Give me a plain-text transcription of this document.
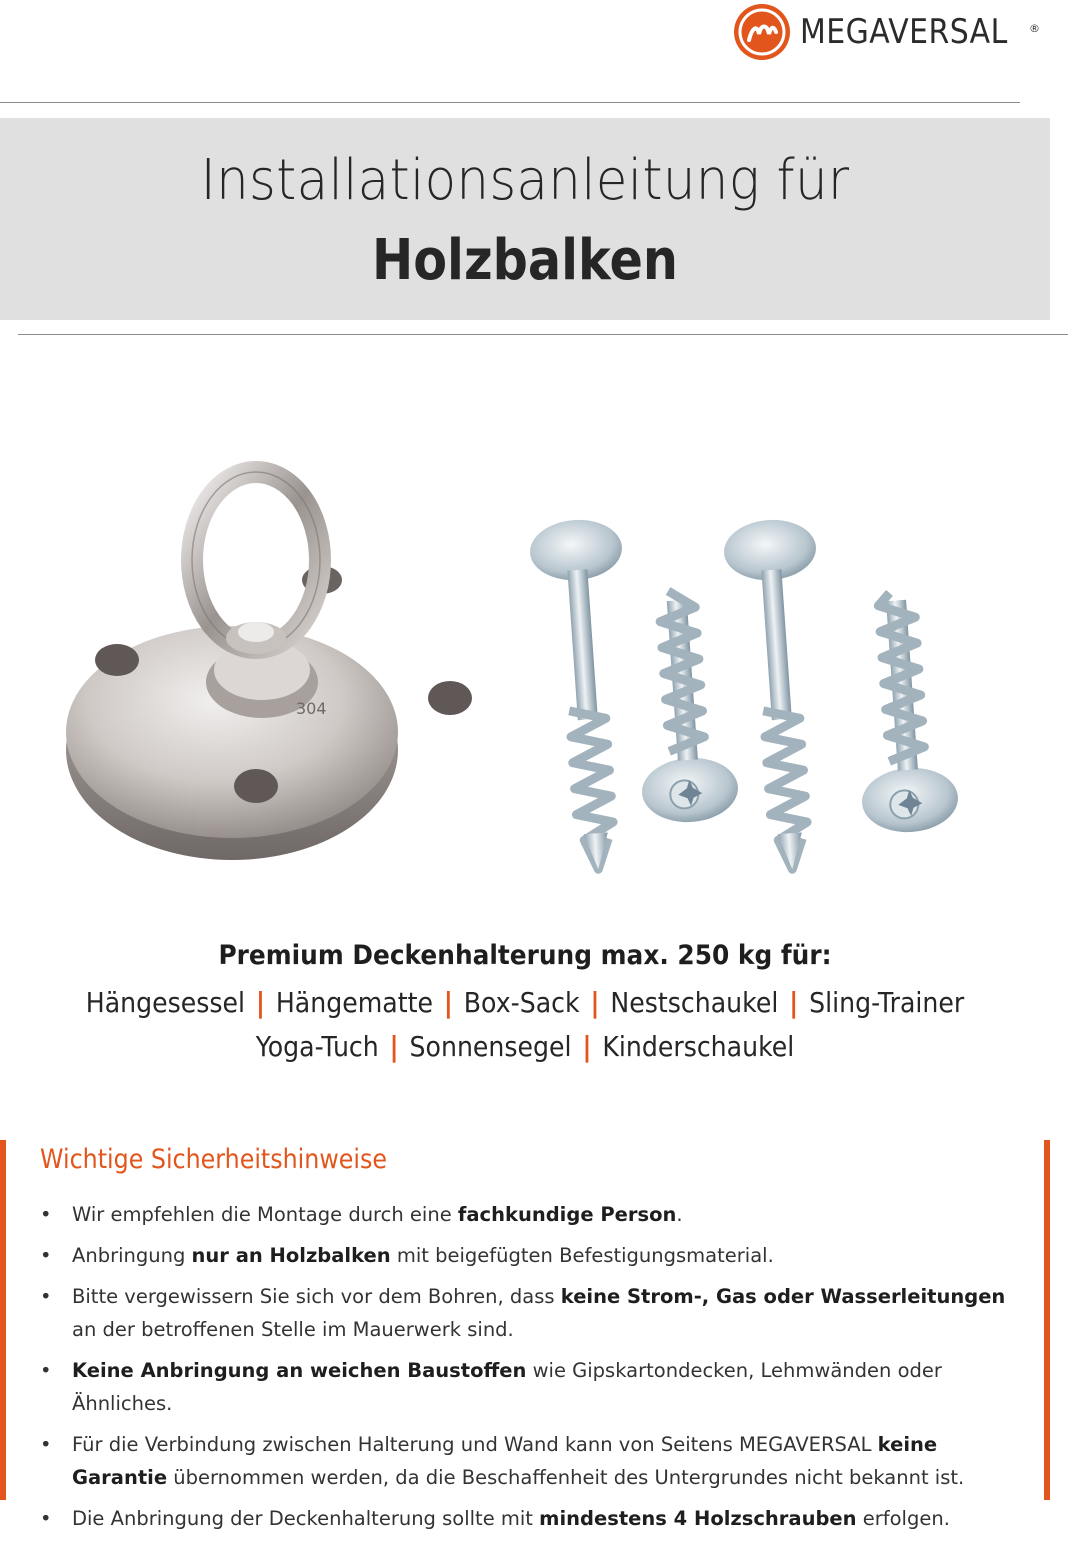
MEGAVERSAL ®
Installationsanleitung für
Holzbalken
304
Premium Deckenhalterung max. 250 kg für:
Hängesessel | Hängematte | Box-Sack | Nestschaukel | Sling-Trainer
Yoga-Tuch | Sonnensegel | Kinderschaukel
Wichtige Sicherheitshinweise
• Wir empfehlen die Montage durch eine fachkundige Person.
• Anbringung nur an Holzbalken mit beigefügten Befestigungsmaterial.
• Bitte vergewissern Sie sich vor dem Bohren, dass keine Strom-, Gas oder Wasserleitungen an der betroffenen Stelle im Mauerwerk sind.
• Keine Anbringung an weichen Baustoffen wie Gipskartondecken, Lehmwänden oder Ähnliches.
• Für die Verbindung zwischen Halterung und Wand kann von Seitens MEGAVERSAL keine Garantie übernommen werden, da die Beschaffenheit des Untergrundes nicht bekannt ist.
• Die Anbringung der Deckenhalterung sollte mit mindestens 4 Holzschrauben erfolgen.
